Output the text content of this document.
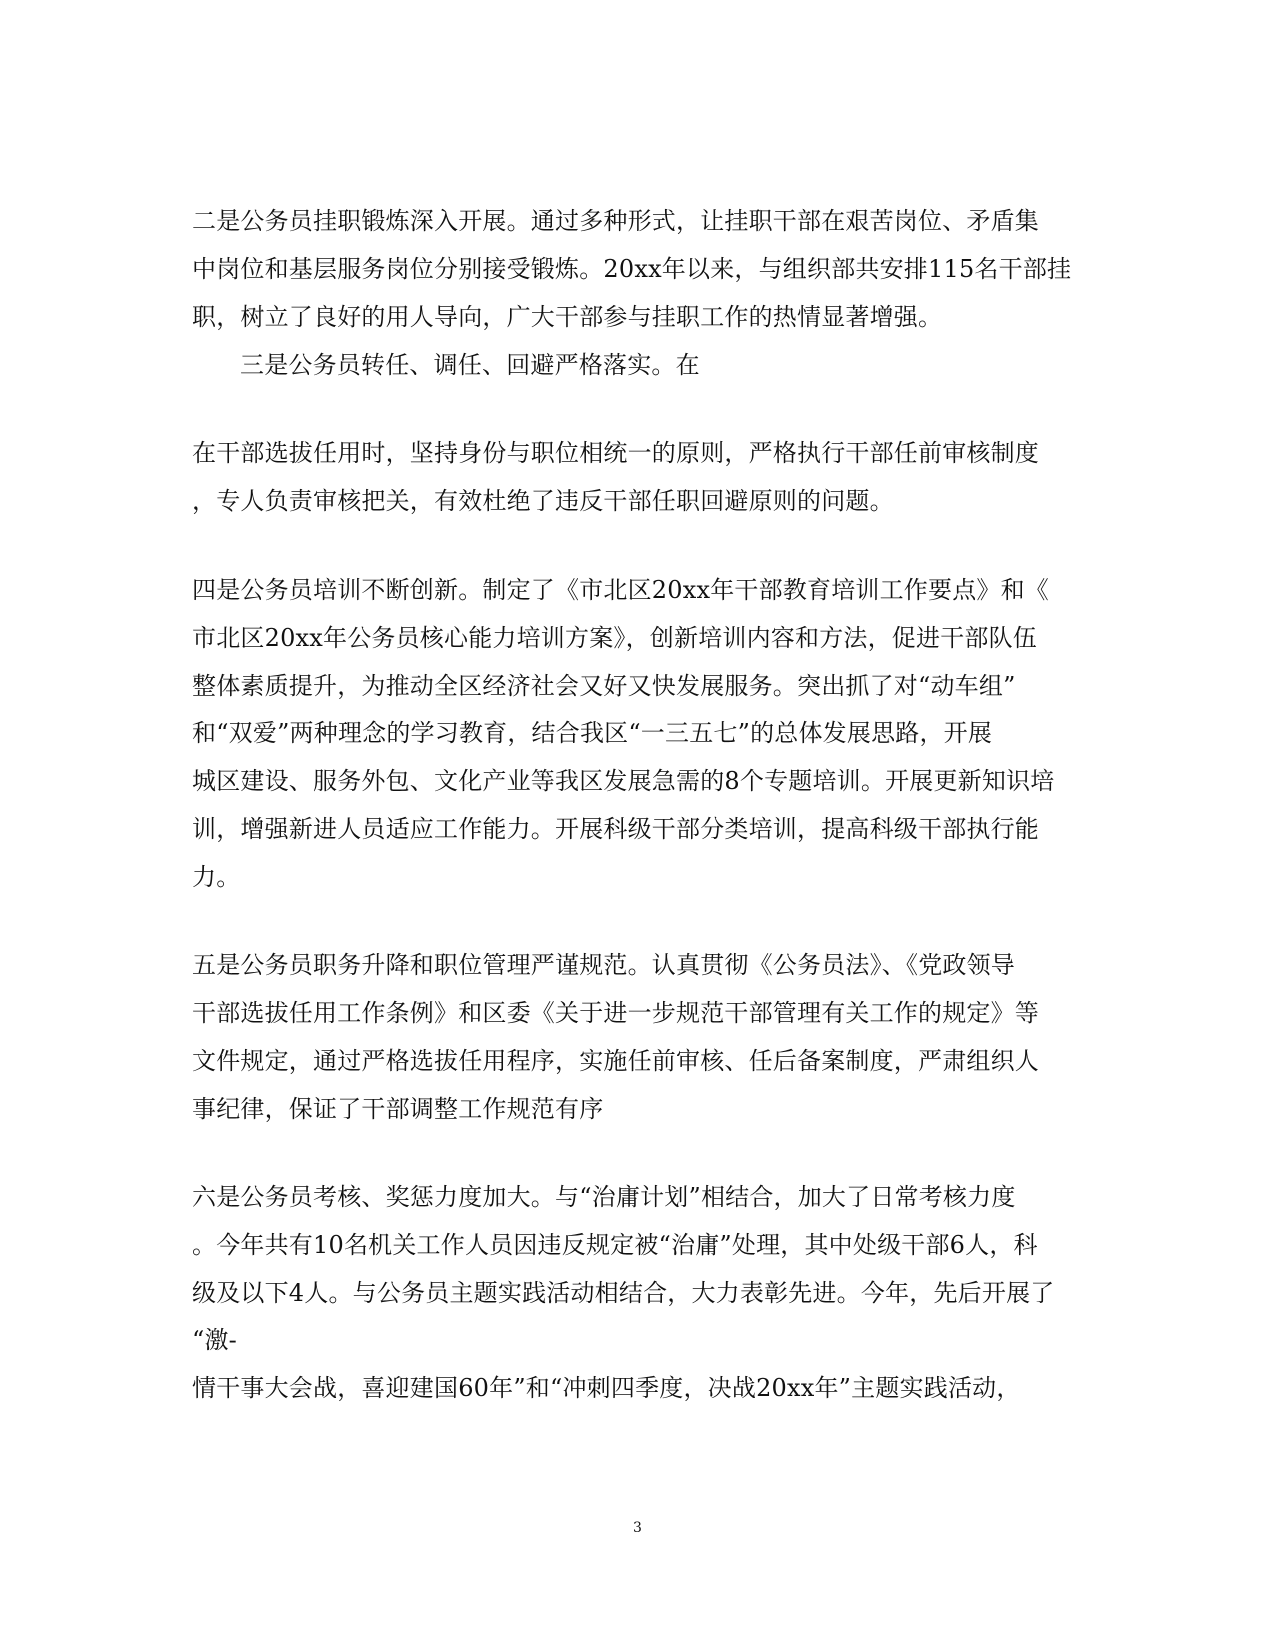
二是公务员挂职锻炼深入开展。通过多种形式，让挂职干部在艰苦岗位、矛盾集
中岗位和基层服务岗位分别接受锻炼。20xx年以来，与组织部共安排115名干部挂
职，树立了良好的用人导向，广大干部参与挂职工作的热情显著增强。
三是公务员转任、调任、回避严格落实。在
在干部选拔任用时，坚持身份与职位相统一的原则，严格执行干部任前审核制度
，专人负责审核把关，有效杜绝了违反干部任职回避原则的问题。
四是公务员培训不断创新。制定了《市北区20xx年干部教育培训工作要点》和《
市北区20xx年公务员核心能力培训方案》，创新培训内容和方法，促进干部队伍
整体素质提升，为推动全区经济社会又好又快发展服务。突出抓了对“动车组”
和“双爱”两种理念的学习教育，结合我区“一三五七”的总体发展思路，开展
城区建设、服务外包、文化产业等我区发展急需的8个专题培训。开展更新知识培
训，增强新进人员适应工作能力。开展科级干部分类培训，提高科级干部执行能
力。
五是公务员职务升降和职位管理严谨规范。认真贯彻《公务员法》、《党政领导
干部选拔任用工作条例》和区委《关于进一步规范干部管理有关工作的规定》等
文件规定，通过严格选拔任用程序，实施任前审核、任后备案制度，严肃组织人
事纪律，保证了干部调整工作规范有序
六是公务员考核、奖惩力度加大。与“治庸计划”相结合，加大了日常考核力度
。今年共有10名机关工作人员因违反规定被“治庸”处理，其中处级干部6人，科
级及以下4人。与公务员主题实践活动相结合，大力表彰先进。今年，先后开展了
“激-
情干事大会战，喜迎建国60年”和“冲刺四季度，决战20xx年”主题实践活动，
3
